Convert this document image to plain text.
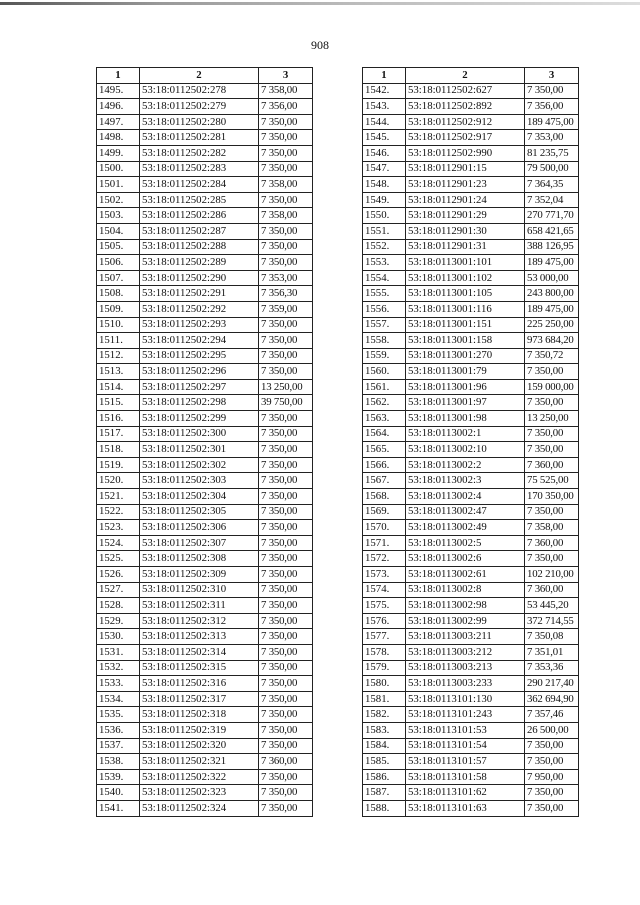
908
1	2	3
1495.	53:18:0112502:278	7 358,00
1496.	53:18:0112502:279	7 356,00
1497.	53:18:0112502:280	7 350,00
1498.	53:18:0112502:281	7 350,00
1499.	53:18:0112502:282	7 350,00
1500.	53:18:0112502:283	7 350,00
1501.	53:18:0112502:284	7 358,00
1502.	53:18:0112502:285	7 350,00
1503.	53:18:0112502:286	7 358,00
1504.	53:18:0112502:287	7 350,00
1505.	53:18:0112502:288	7 350,00
1506.	53:18:0112502:289	7 350,00
1507.	53:18:0112502:290	7 353,00
1508.	53:18:0112502:291	7 356,30
1509.	53:18:0112502:292	7 359,00
1510.	53:18:0112502:293	7 350,00
1511.	53:18:0112502:294	7 350,00
1512.	53:18:0112502:295	7 350,00
1513.	53:18:0112502:296	7 350,00
1514.	53:18:0112502:297	13 250,00
1515.	53:18:0112502:298	39 750,00
1516.	53:18:0112502:299	7 350,00
1517.	53:18:0112502:300	7 350,00
1518.	53:18:0112502:301	7 350,00
1519.	53:18:0112502:302	7 350,00
1520.	53:18:0112502:303	7 350,00
1521.	53:18:0112502:304	7 350,00
1522.	53:18:0112502:305	7 350,00
1523.	53:18:0112502:306	7 350,00
1524.	53:18:0112502:307	7 350,00
1525.	53:18:0112502:308	7 350,00
1526.	53:18:0112502:309	7 350,00
1527.	53:18:0112502:310	7 350,00
1528.	53:18:0112502:311	7 350,00
1529.	53:18:0112502:312	7 350,00
1530.	53:18:0112502:313	7 350,00
1531.	53:18:0112502:314	7 350,00
1532.	53:18:0112502:315	7 350,00
1533.	53:18:0112502:316	7 350,00
1534.	53:18:0112502:317	7 350,00
1535.	53:18:0112502:318	7 350,00
1536.	53:18:0112502:319	7 350,00
1537.	53:18:0112502:320	7 350,00
1538.	53:18:0112502:321	7 360,00
1539.	53:18:0112502:322	7 350,00
1540.	53:18:0112502:323	7 350,00
1541.	53:18:0112502:324	7 350,00
1	2	3
1542.	53:18:0112502:627	7 350,00
1543.	53:18:0112502:892	7 356,00
1544.	53:18:0112502:912	189 475,00
1545.	53:18:0112502:917	7 353,00
1546.	53:18:0112502:990	81 235,75
1547.	53:18:0112901:15	79 500,00
1548.	53:18:0112901:23	7 364,35
1549.	53:18:0112901:24	7 352,04
1550.	53:18:0112901:29	270 771,70
1551.	53:18:0112901:30	658 421,65
1552.	53:18:0112901:31	388 126,95
1553.	53:18:0113001:101	189 475,00
1554.	53:18:0113001:102	53 000,00
1555.	53:18:0113001:105	243 800,00
1556.	53:18:0113001:116	189 475,00
1557.	53:18:0113001:151	225 250,00
1558.	53:18:0113001:158	973 684,20
1559.	53:18:0113001:270	7 350,72
1560.	53:18:0113001:79	7 350,00
1561.	53:18:0113001:96	159 000,00
1562.	53:18:0113001:97	7 350,00
1563.	53:18:0113001:98	13 250,00
1564.	53:18:0113002:1	7 350,00
1565.	53:18:0113002:10	7 350,00
1566.	53:18:0113002:2	7 360,00
1567.	53:18:0113002:3	75 525,00
1568.	53:18:0113002:4	170 350,00
1569.	53:18:0113002:47	7 350,00
1570.	53:18:0113002:49	7 358,00
1571.	53:18:0113002:5	7 360,00
1572.	53:18:0113002:6	7 350,00
1573.	53:18:0113002:61	102 210,00
1574.	53:18:0113002:8	7 360,00
1575.	53:18:0113002:98	53 445,20
1576.	53:18:0113002:99	372 714,55
1577.	53:18:0113003:211	7 350,08
1578.	53:18:0113003:212	7 351,01
1579.	53:18:0113003:213	7 353,36
1580.	53:18:0113003:233	290 217,40
1581.	53:18:0113101:130	362 694,90
1582.	53:18:0113101:243	7 357,46
1583.	53:18:0113101:53	26 500,00
1584.	53:18:0113101:54	7 350,00
1585.	53:18:0113101:57	7 350,00
1586.	53:18:0113101:58	7 950,00
1587.	53:18:0113101:62	7 350,00
1588.	53:18:0113101:63	7 350,00
